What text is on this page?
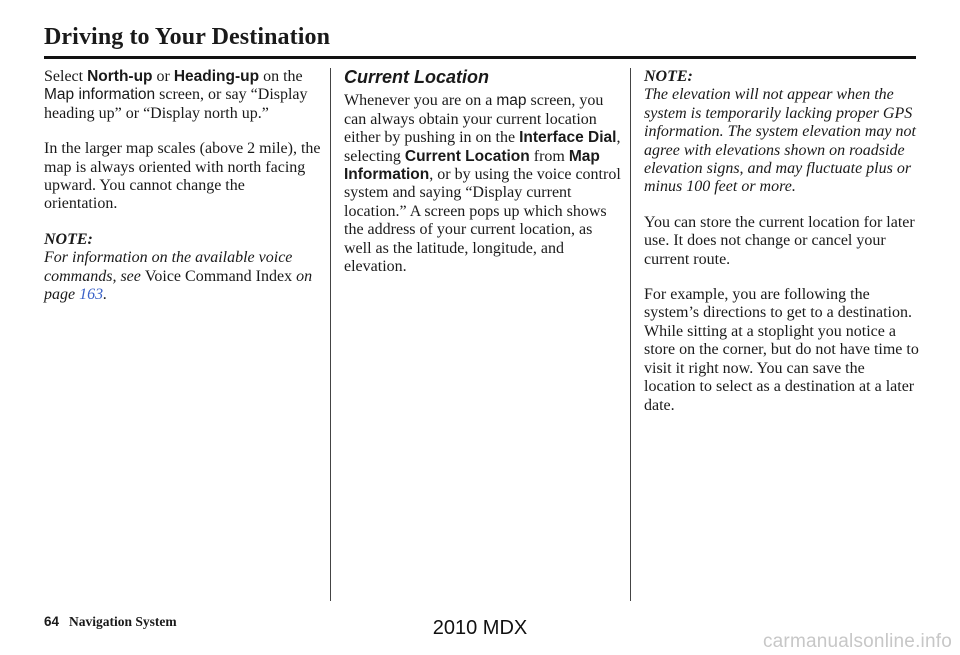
Driving to Your Destination

Select North-up or Heading-up on the Map information screen, or say “Display heading up” or “Display north up.”

In the larger map scales (above 2 mile), the map is always oriented with north facing upward. You cannot change the orientation.

NOTE:

For information on the available voice commands, see Voice Command Index on page 163.

Current Location

Whenever you are on a map screen, you can always obtain your current location either by pushing in on the Interface Dial, selecting Current Location from Map Information, or by using the voice control system and saying “Display current location.” A screen pops up which shows the address of your current location, as well as the latitude, longitude, and elevation.

NOTE:

The elevation will not appear when the system is temporarily lacking proper GPS information. The system elevation may not agree with elevations shown on roadside elevation signs, and may fluctuate plus or minus 100 feet or more.

You can store the current location for later use. It does not change or cancel your current route.

For example, you are following the system’s directions to get to a destination. While sitting at a stoplight you notice a store on the corner, but do not have time to visit it right now. You can save the location to select as a destination at a later date.

64 Navigation System	2010 MDX
carmanualsonline.info
